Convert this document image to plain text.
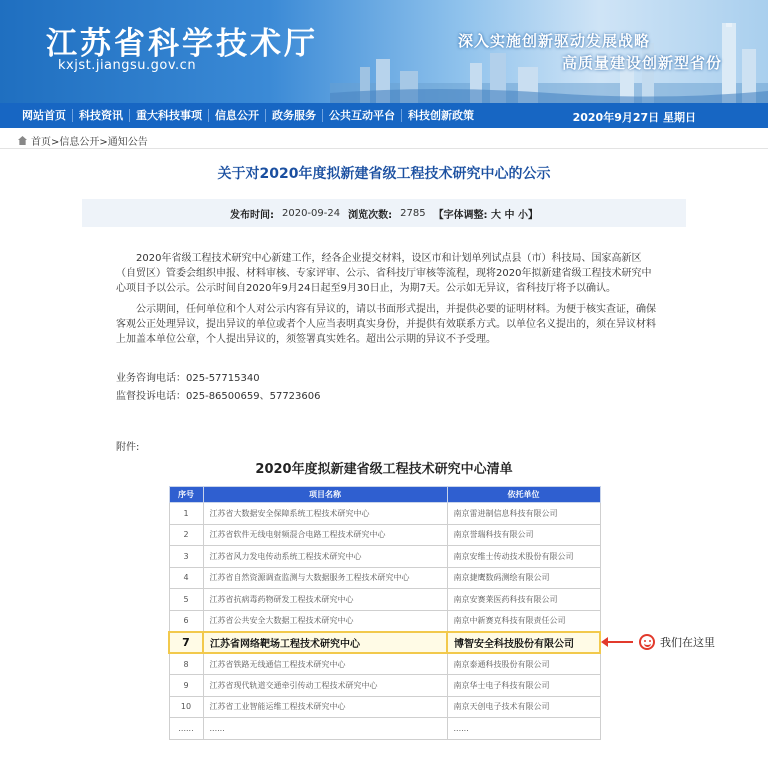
江苏省科学技术厅
kxjst.jiangsu.gov.cn
深入实施创新驱动发展战略
高质量建设创新型省份
网站首页	科技资讯	重大科技事项	信息公开	政务服务	公共互动平台	科技创新政策	2020年9月27日 星期日
首页>信息公开>通知公告
关于对2020年度拟新建省级工程技术研究中心的公示
发布时间: 2020-09-24 浏览次数: 2785 【字体调整: 大 中 小】

2020年省级工程技术研究中心新建工作，经各企业提交材料，设区市和计划单列试点县（市）科技局、国家高新区（自贸区）管委会组织申报、材料审核、专家评审、公示、省科技厅审核等流程，现将2020年拟新建省级工程技术研究中心项目予以公示。公示时间自2020年9月24日起至9月30日止，为期7天。公示如无异议，省科技厅将予以确认。

公示期间，任何单位和个人对公示内容有异议的，请以书面形式提出，并提供必要的证明材料。为便于核实查证，确保客观公正处理异议，提出异议的单位或者个人应当表明真实身份，并提供有效联系方式。以单位名义提出的，须在异议材料上加盖本单位公章，个人提出异议的，须签署真实姓名。超出公示期的异议不予受理。

业务咨询电话：025-57715340
监督投诉电话：025-86500659、57723606
附件:
2020年度拟新建省级工程技术研究中心清单
序号	项目名称	依托单位
1	江苏省大数据安全保障系统工程技术研究中心	南京雷进制信息科技有限公司
2	江苏省软件无线电射频混合电路工程技术研究中心	南京誉瑞科技有限公司
3	江苏省风力发电传动系统工程技术研究中心	南京安维士传动技术股份有限公司
4	江苏省自然资源调查监测与大数据服务工程技术研究中心	南京捷鹰数码测绘有限公司
5	江苏省抗病毒药物研发工程技术研究中心	南京安赛莱医药科技有限公司
6	江苏省公共安全大数据工程技术研究中心	南京中新赛克科技有限责任公司
7	江苏省网络靶场工程技术研究中心	博智安全科技股份有限公司
8	江苏省铁路无线通信工程技术研究中心	南京泰通科技股份有限公司
9	江苏省现代轨道交通牵引传动工程技术研究中心	南京华士电子科技有限公司
10	江苏省工业智能运维工程技术研究中心	南京天创电子技术有限公司
......	......	......
我们在这里
